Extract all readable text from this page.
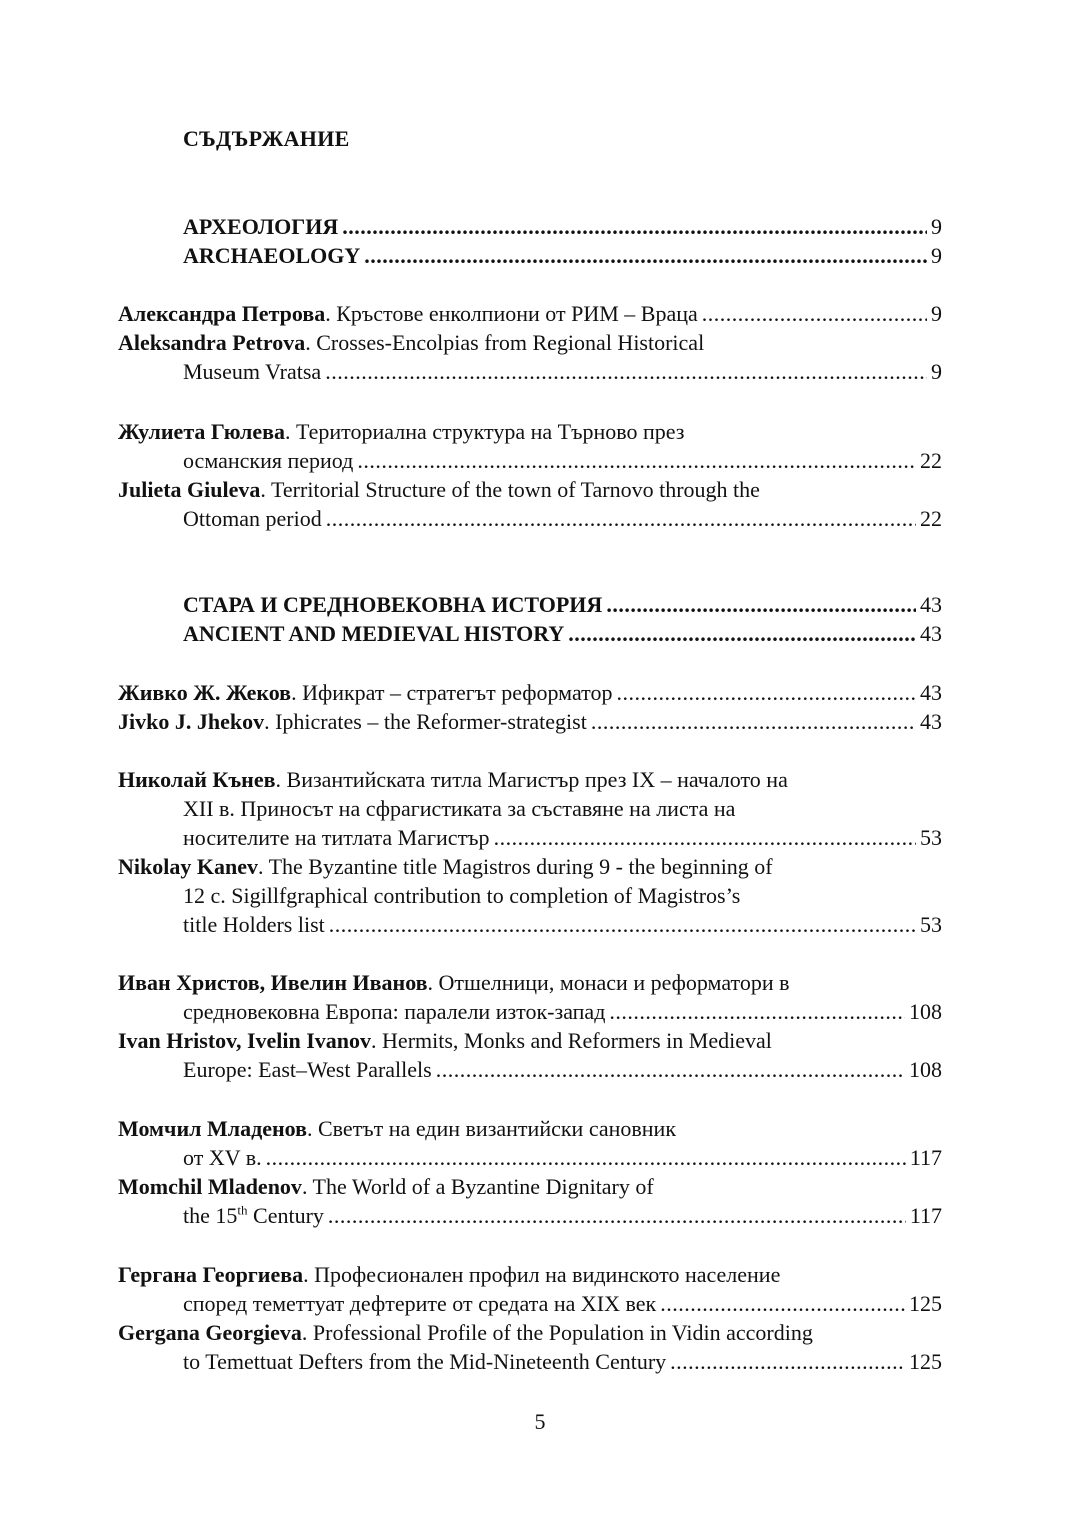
СЪДЪРЖАНИЕ
АРХЕОЛОГИЯ .....	9
ARCHAEOLOGY .....	9
Александра Петрова. Кръстове енколпиони от РИМ – Враца .....	9
Aleksandra Petrova . Crosses-Encolpias from Regional Historical
Museum Vratsa .....	9
Жулиета Гюлева . Териториална структура на Търново през
османския период .....	22
Julieta Giuleva . Territorial Structure of the town of Tarnovo through the
Ottoman period .....	22
СТАРА И СРЕДНОВЕКОВНА ИСТОРИЯ .....	43
ANCIENT AND MEDIEVAL HISTORY .....	43
Живко Ж. Жеков. Ификрат – стратегът реформатор .....	43
Jivko J. Jhekov. Iphicrates – the Reformer-strategist .....	43
Николай Кънев . Византийската титла Магистър през IX – началото на
XII в. Приносът на сфрагистиката за съставяне на листа на
носителите на титлата Магистър .....	53
Nikolay Kanev . The Byzantine title Magistros during 9 - the beginning of
12 c. Sigillfgraphical contribution to completion of Magistros’s
title Holders list .....	53
Иван Христов, Ивелин Иванов . Отшелници, монаси и реформатори в
средновековна Европа: паралели изток-запад .....	108
Ivan Hristov, Ivelin Ivanov . Hermits, Monks and Reformers in Medieval
Europe: East–West Parallels .....	108
Момчил Младенов . Светът на един византийски сановник
от XV в. .....	117
Momchil Mladenov . The World of a Byzantine Dignitary of
the 15th Century .....	117
Гергана Георгиева . Професионален профил на видинското население
според теметтуат дефтерите от средата на XIX век .....	125
Gergana Georgieva . Professional Profile of the Population in Vidin according
to Temettuat Defters from the Mid-Nineteenth Century .....	125
5
